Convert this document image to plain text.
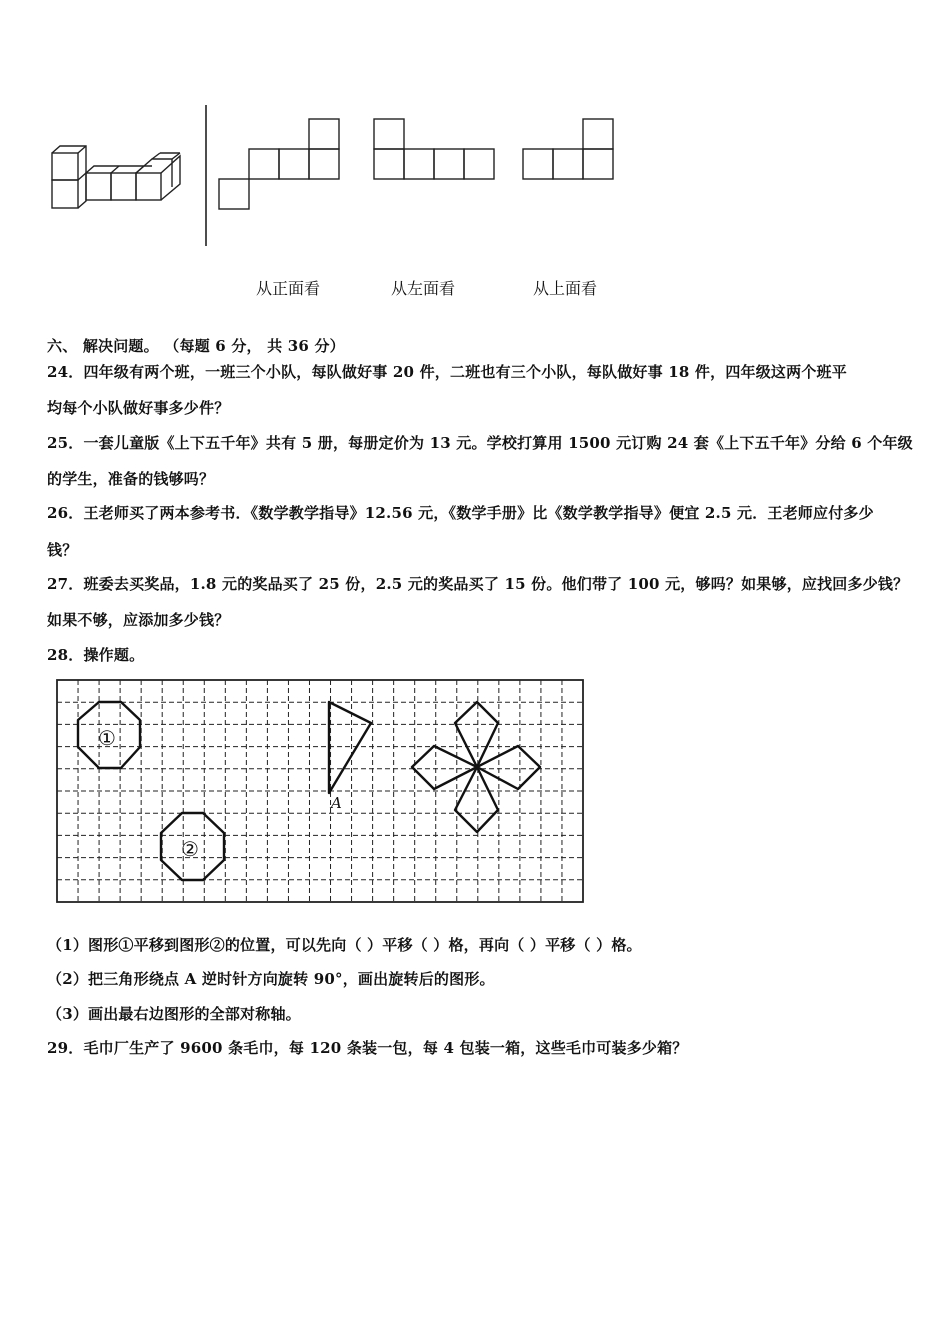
从正面看	从左面看	从上面看
六、 解决问题。 （每题 6 分， 共 36 分）
24．四年级有两个班，一班三个小队，每队做好事 20 件，二班也有三个小队，每队做好事 18 件，四年级这两个班平
均每个小队做好事多少件？
25．一套儿童版《上下五千年》共有 5 册，每册定价为 13 元。学校打算用 1500 元订购 24 套《上下五千年》分给 6 个年级
的学生，准备的钱够吗？
26．王老师买了两本参考书．《数学教学指导》12.56 元，《数学手册》比《数学教学指导》便宜 2.5 元．王老师应付多少
钱？
27．班委去买奖品，1.8 元的奖品买了 25 份，2.5 元的奖品买了 15 份。他们带了 100 元，够吗？如果够，应找回多少钱？
如果不够，应添加多少钱？
28．操作题。
①
②
A
（1）图形①平移到图形②的位置，可以先向（ ）平移（ ）格，再向（ ）平移（ ）格。
（2）把三角形绕点 A 逆时针方向旋转 90°，画出旋转后的图形。
（3）画出最右边图形的全部对称轴。
29．毛巾厂生产了 9600 条毛巾，每 120 条装一包，每 4 包装一箱，这些毛巾可装多少箱？
